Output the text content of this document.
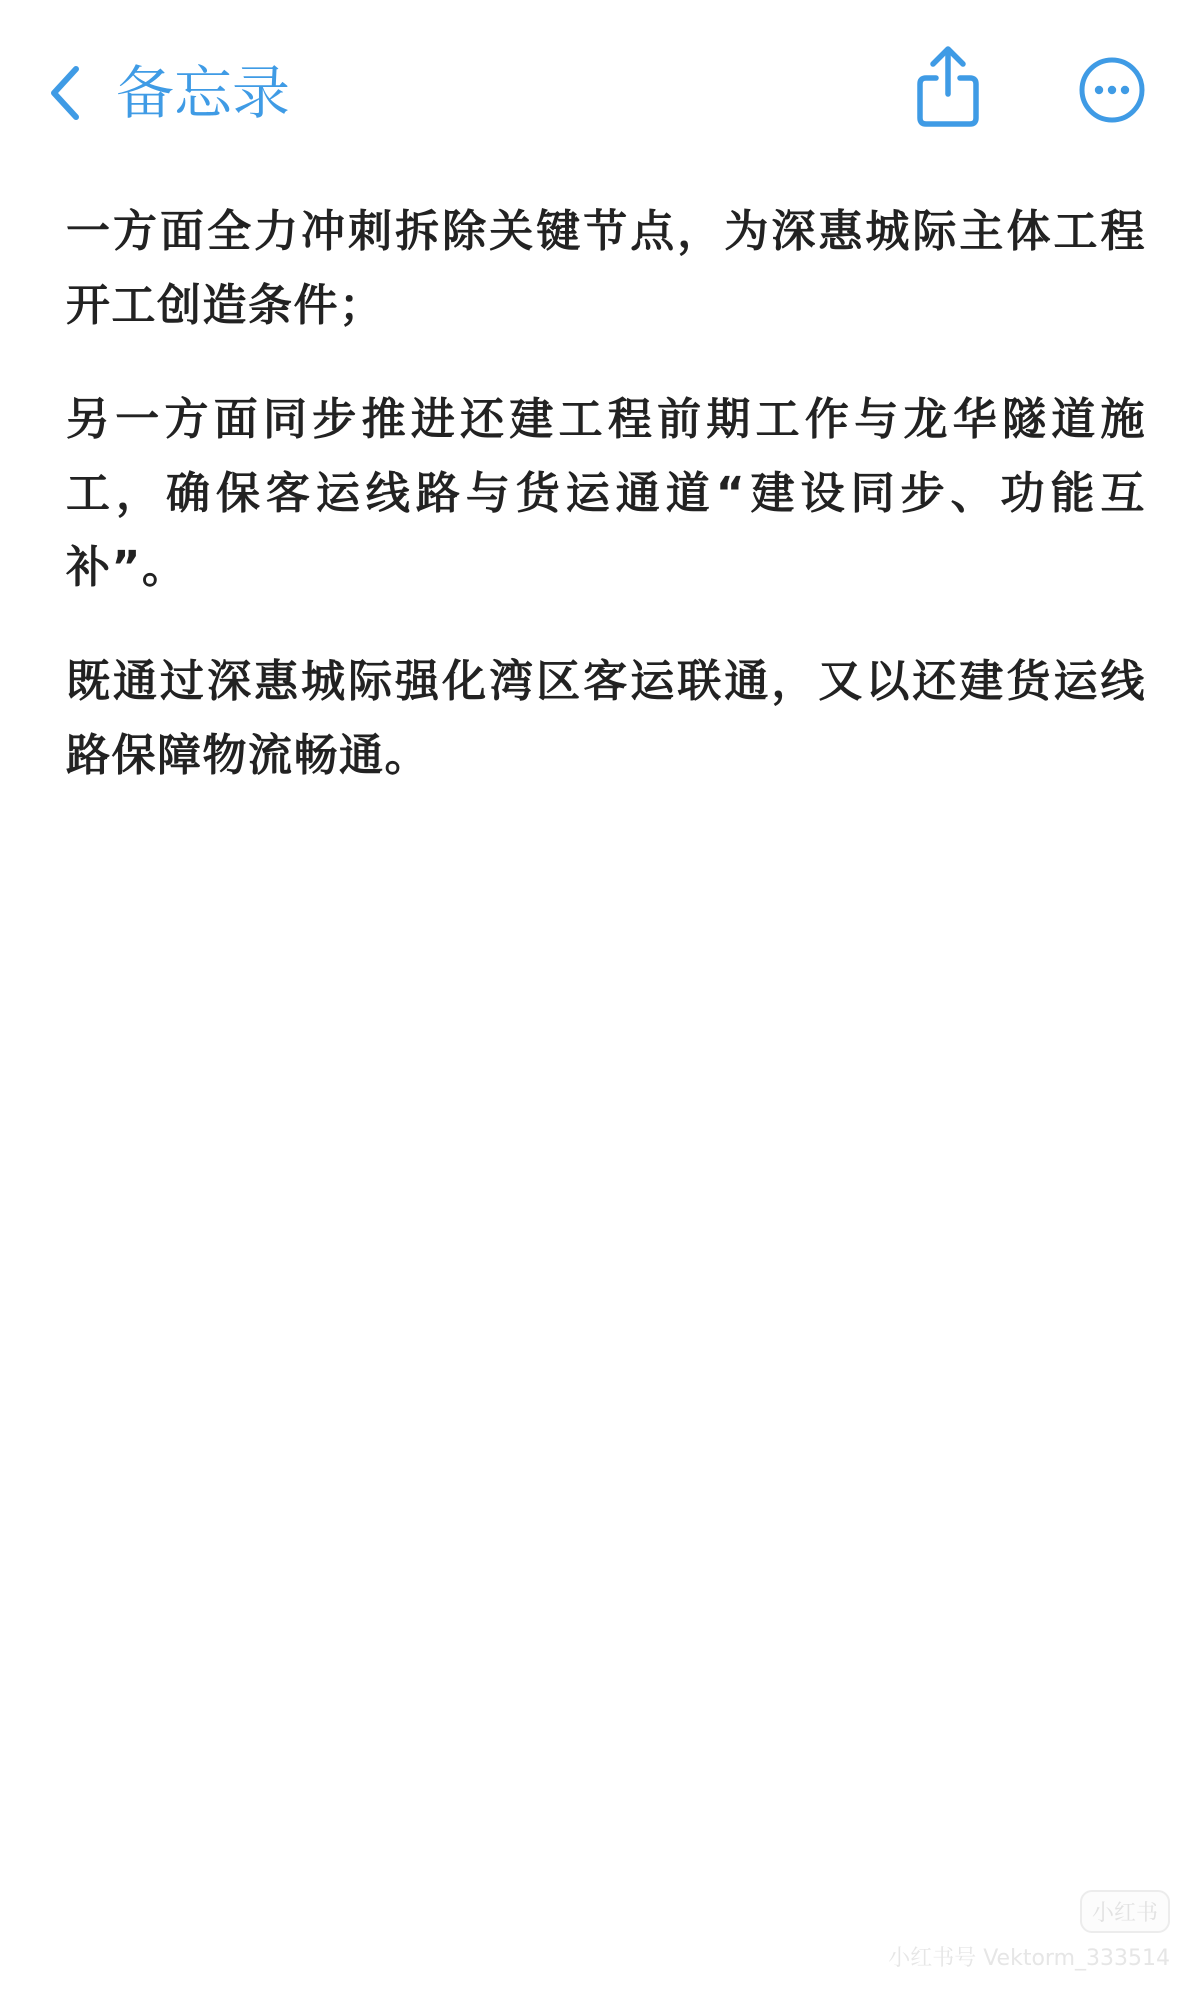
备忘录

一方面全力冲刺拆除关键节点，为深惠城际主体工程开工创造条件；

另一方面同步推进还建工程前期工作与龙华隧道施工，确保客运线路与货运通道“建设同步、功能互补”。

既通过深惠城际强化湾区客运联通，又以还建货运线路保障物流畅通。

小红书
小红书号 Vektorm_333514
